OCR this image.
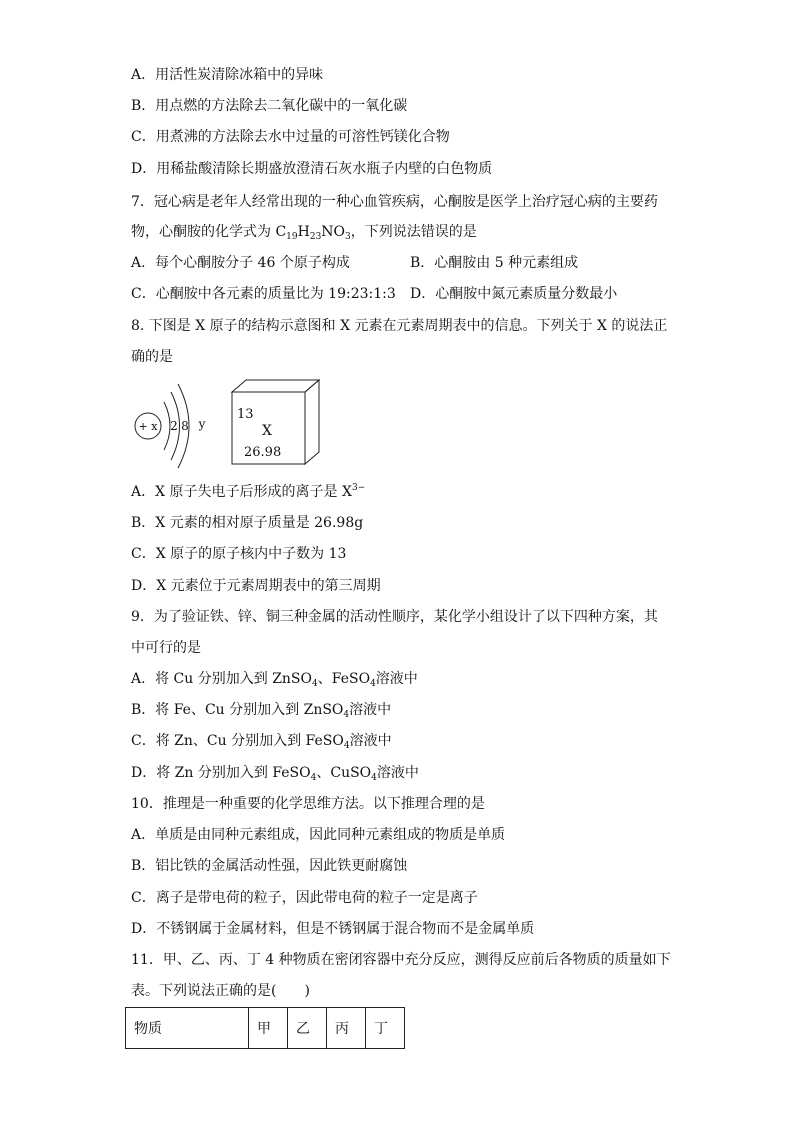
A．用活性炭清除冰箱中的异味
B．用点燃的方法除去二氧化碳中的一氧化碳
C．用煮沸的方法除去水中过量的可溶性钙镁化合物
D．用稀盐酸清除长期盛放澄清石灰水瓶子内壁的白色物质
7．冠心病是老年人经常出现的一种心血管疾病，心酮胺是医学上治疗冠心病的主要药
物，心酮胺的化学式为 $C_{19}H_{23}NO_3$，下列说法错误的是
A．每个心酮胺分子 46 个原子构成	B．心酮胺由 5 种元素组成
C．心酮胺中各元素的质量比为 19:23:1:3 D．心酮胺中氮元素质量分数最小
8. 下图是 X 原子的结构示意图和 X 元素在元素周期表中的信息。下列关于 X 的说法正
确的是
+ x 2 8 y
13
X
26.98
A．X 原子失电子后形成的离子是 $X^{3-}$
B．X 元素的相对原子质量是 26.98g
C．X 原子的原子核内中子数为 13
D．X 元素位于元素周期表中的第三周期
9．为了验证铁、锌、铜三种金属的活动性顺序，某化学小组设计了以下四种方案，其
中可行的是
A．将 Cu 分别加入到 ZnSO$_4$、FeSO$_4$溶液中
B．将 Fe、Cu 分别加入到 ZnSO$_4$溶液中
C．将 Zn、Cu 分别加入到 FeSO$_4$溶液中
D．将 Zn 分别加入到 FeSO$_4$、CuSO$_4$溶液中
10．推理是一种重要的化学思维方法。以下推理合理的是
A．单质是由同种元素组成，因此同种元素组成的物质是单质
B．铝比铁的金属活动性强，因此铁更耐腐蚀
C．离子是带电荷的粒子，因此带电荷的粒子一定是离子
D．不锈钢属于金属材料，但是不锈钢属于混合物而不是金属单质
11．甲、乙、丙、丁 4 种物质在密闭容器中充分反应，测得反应前后各物质的质量如下
表。下列说法正确的是(　　)
物质	甲	乙	丙	丁
